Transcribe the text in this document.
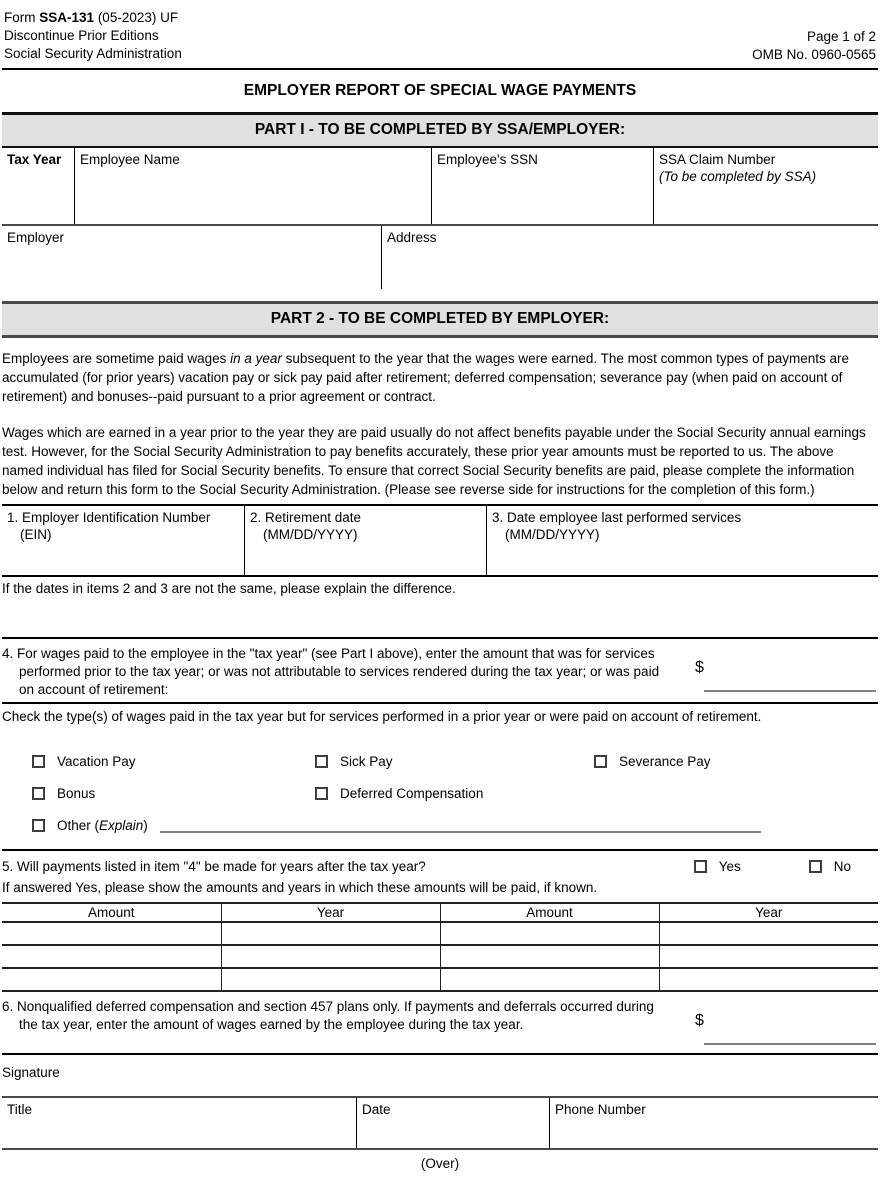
Form SSA-131 (05-2023) UF
Discontinue Prior Editions
Social Security Administration
Page 1 of 2
OMB No. 0960-0565
EMPLOYER REPORT OF SPECIAL WAGE PAYMENTS
PART I - TO BE COMPLETED BY SSA/EMPLOYER:
Tax Year	Employee Name	Employee's SSN	SSA Claim Number
(To be completed by SSA)
Employer	Address
PART 2 - TO BE COMPLETED BY EMPLOYER:
Employees are sometime paid wages in a year subsequent to the year that the wages were earned. The most common types of payments are accumulated (for prior years) vacation pay or sick pay paid after retirement; deferred compensation; severance pay (when paid on account of retirement) and bonuses--paid pursuant to a prior agreement or contract.
Wages which are earned in a year prior to the year they are paid usually do not affect benefits payable under the Social Security annual earnings test. However, for the Social Security Administration to pay benefits accurately, these prior year amounts must be reported to us. The above named individual has filed for Social Security benefits. To ensure that correct Social Security benefits are paid, please complete the information below and return this form to the Social Security Administration. (Please see reverse side for instructions for the completion of this form.)
1. Employer Identification Number
(EIN)
2. Retirement date
(MM/DD/YYYY)
3. Date employee last performed services
(MM/DD/YYYY)
If the dates in items 2 and 3 are not the same, please explain the difference.
4. For wages paid to the employee in the "tax year" (see Part I above), enter the amount that was for services performed prior to the tax year; or was not attributable to services rendered during the tax year; or was paid on account of retirement:
$
Check the type(s) of wages paid in the tax year but for services performed in a prior year or were paid on account of retirement.
Vacation Pay	Sick Pay	Severance Pay
Bonus	Deferred Compensation
Other (Explain)
5. Will payments listed in item "4" be made for years after the tax year?	Yes	No
If answered Yes, please show the amounts and years in which these amounts will be paid, if known.
Amount	Year	Amount	Year

6. Nonqualified deferred compensation and section 457 plans only. If payments and deferrals occurred during the tax year, enter the amount of wages earned by the employee during the tax year.	$
Signature
Title	Date	Phone Number
(Over)
